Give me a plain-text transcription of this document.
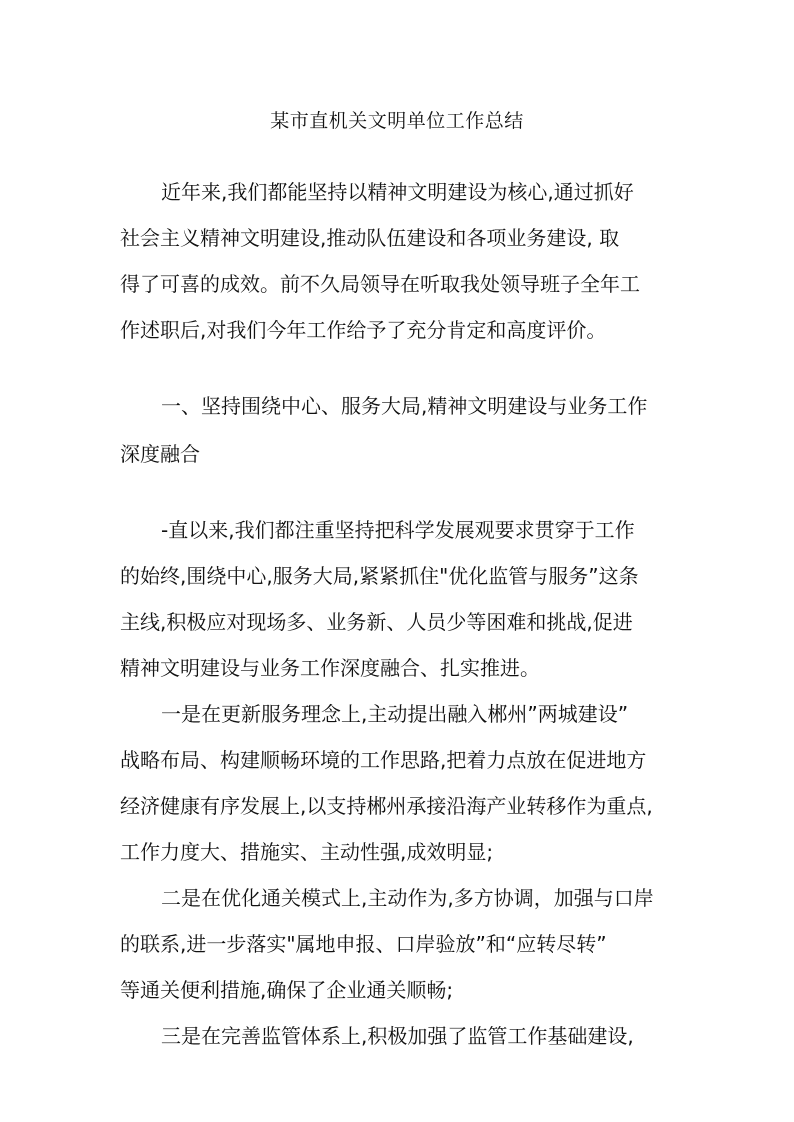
某市直机关文明单位工作总结
近年来,我们都能坚持以精神文明建设为核心,通过抓好
社会主义精神文明建设,推动队伍建设和各项业务建设, 取
得了可喜的成效。前不久局领导在听取我处领导班子全年工
作述职后,对我们今年工作给予了充分肯定和高度评价。
一、坚持围绕中心、服务大局,精神文明建设与业务工作
深度融合
-直以来,我们都注重坚持把科学发展观要求贯穿于工作
的始终,围绕中心,服务大局,紧紧抓住"优化监管与服务”这条
主线,积极应对现场多、业务新、人员少等困难和挑战,促进
精神文明建设与业务工作深度融合、扎实推进。
一是在更新服务理念上,主动提出融入郴州”两城建设”
战略布局、构建顺畅环境的工作思路,把着力点放在促进地方
经济健康有序发展上,以支持郴州承接沿海产业转移作为重点,
工作力度大、措施实、主动性强,成效明显;
二是在优化通关模式上,主动作为,多方协调，加强与口岸
的联系,进一步落实"属地申报、口岸验放”和“应转尽转”
等通关便利措施,确保了企业通关顺畅;
三是在完善监管体系上,积极加强了监管工作基础建设,
